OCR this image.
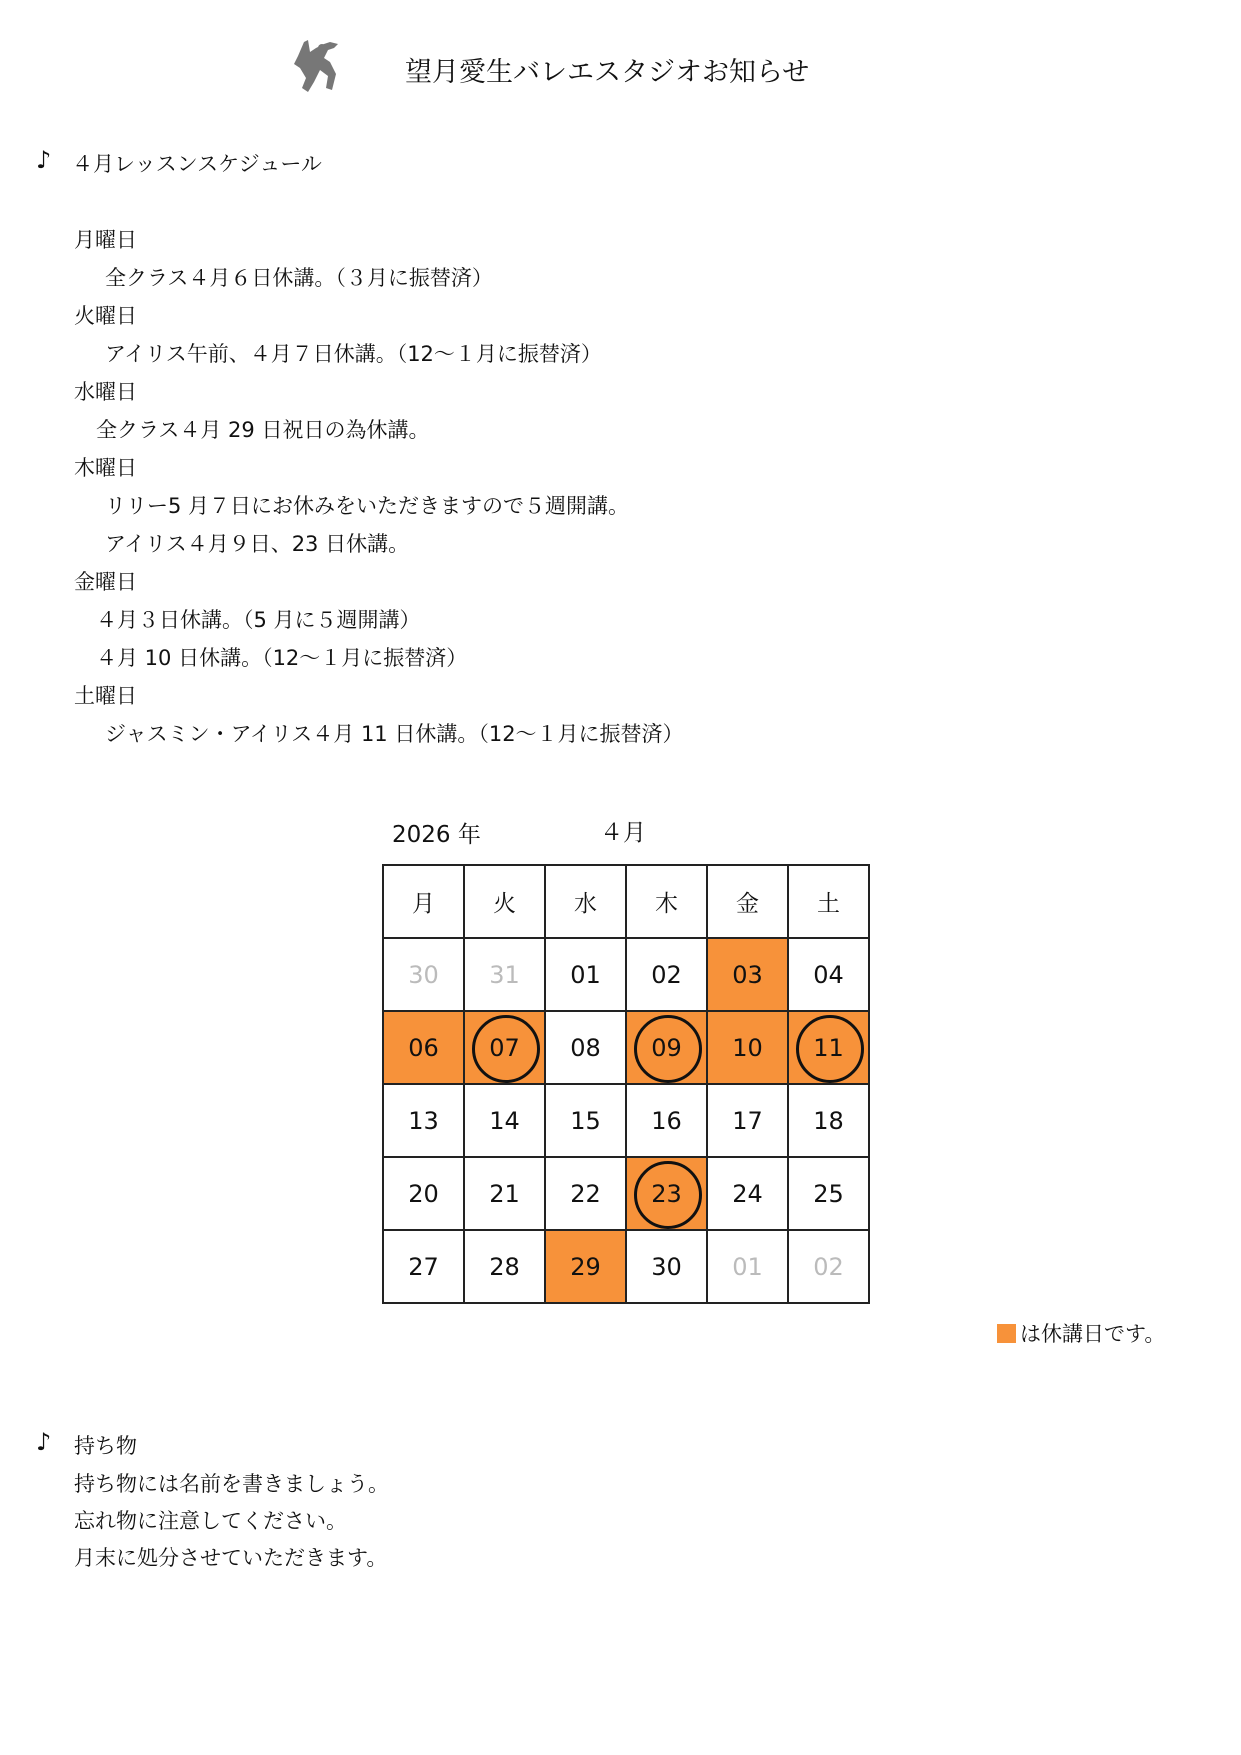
望月愛生バレエスタジオお知らせ
♪ ４月レッスンスケジュール
月曜日
全クラス４月６日休講。（３月に振替済）
火曜日
アイリス午前、４月７日休講。（12～１月に振替済）
水曜日
全クラス４月 29 日祝日の為休講。
木曜日
リリー5 月７日にお休みをいただきますので５週開講。
アイリス４月９日、23 日休講。
金曜日
４月３日休講。（5 月に５週開講）
４月 10 日休講。（12～１月に振替済）
土曜日
ジャスミン・アイリス４月 11 日休講。（12～１月に振替済）
2026 年	４月
月	火	水	木	金	土
30	31	01	02	03	04
06	07	08	09	10	11
13	14	15	16	17	18
20	21	22	23	24	25
27	28	29	30	01	02
は休講日です。
♪ 持ち物
持ち物には名前を書きましょう。
忘れ物に注意してください。
月末に処分させていただきます。
